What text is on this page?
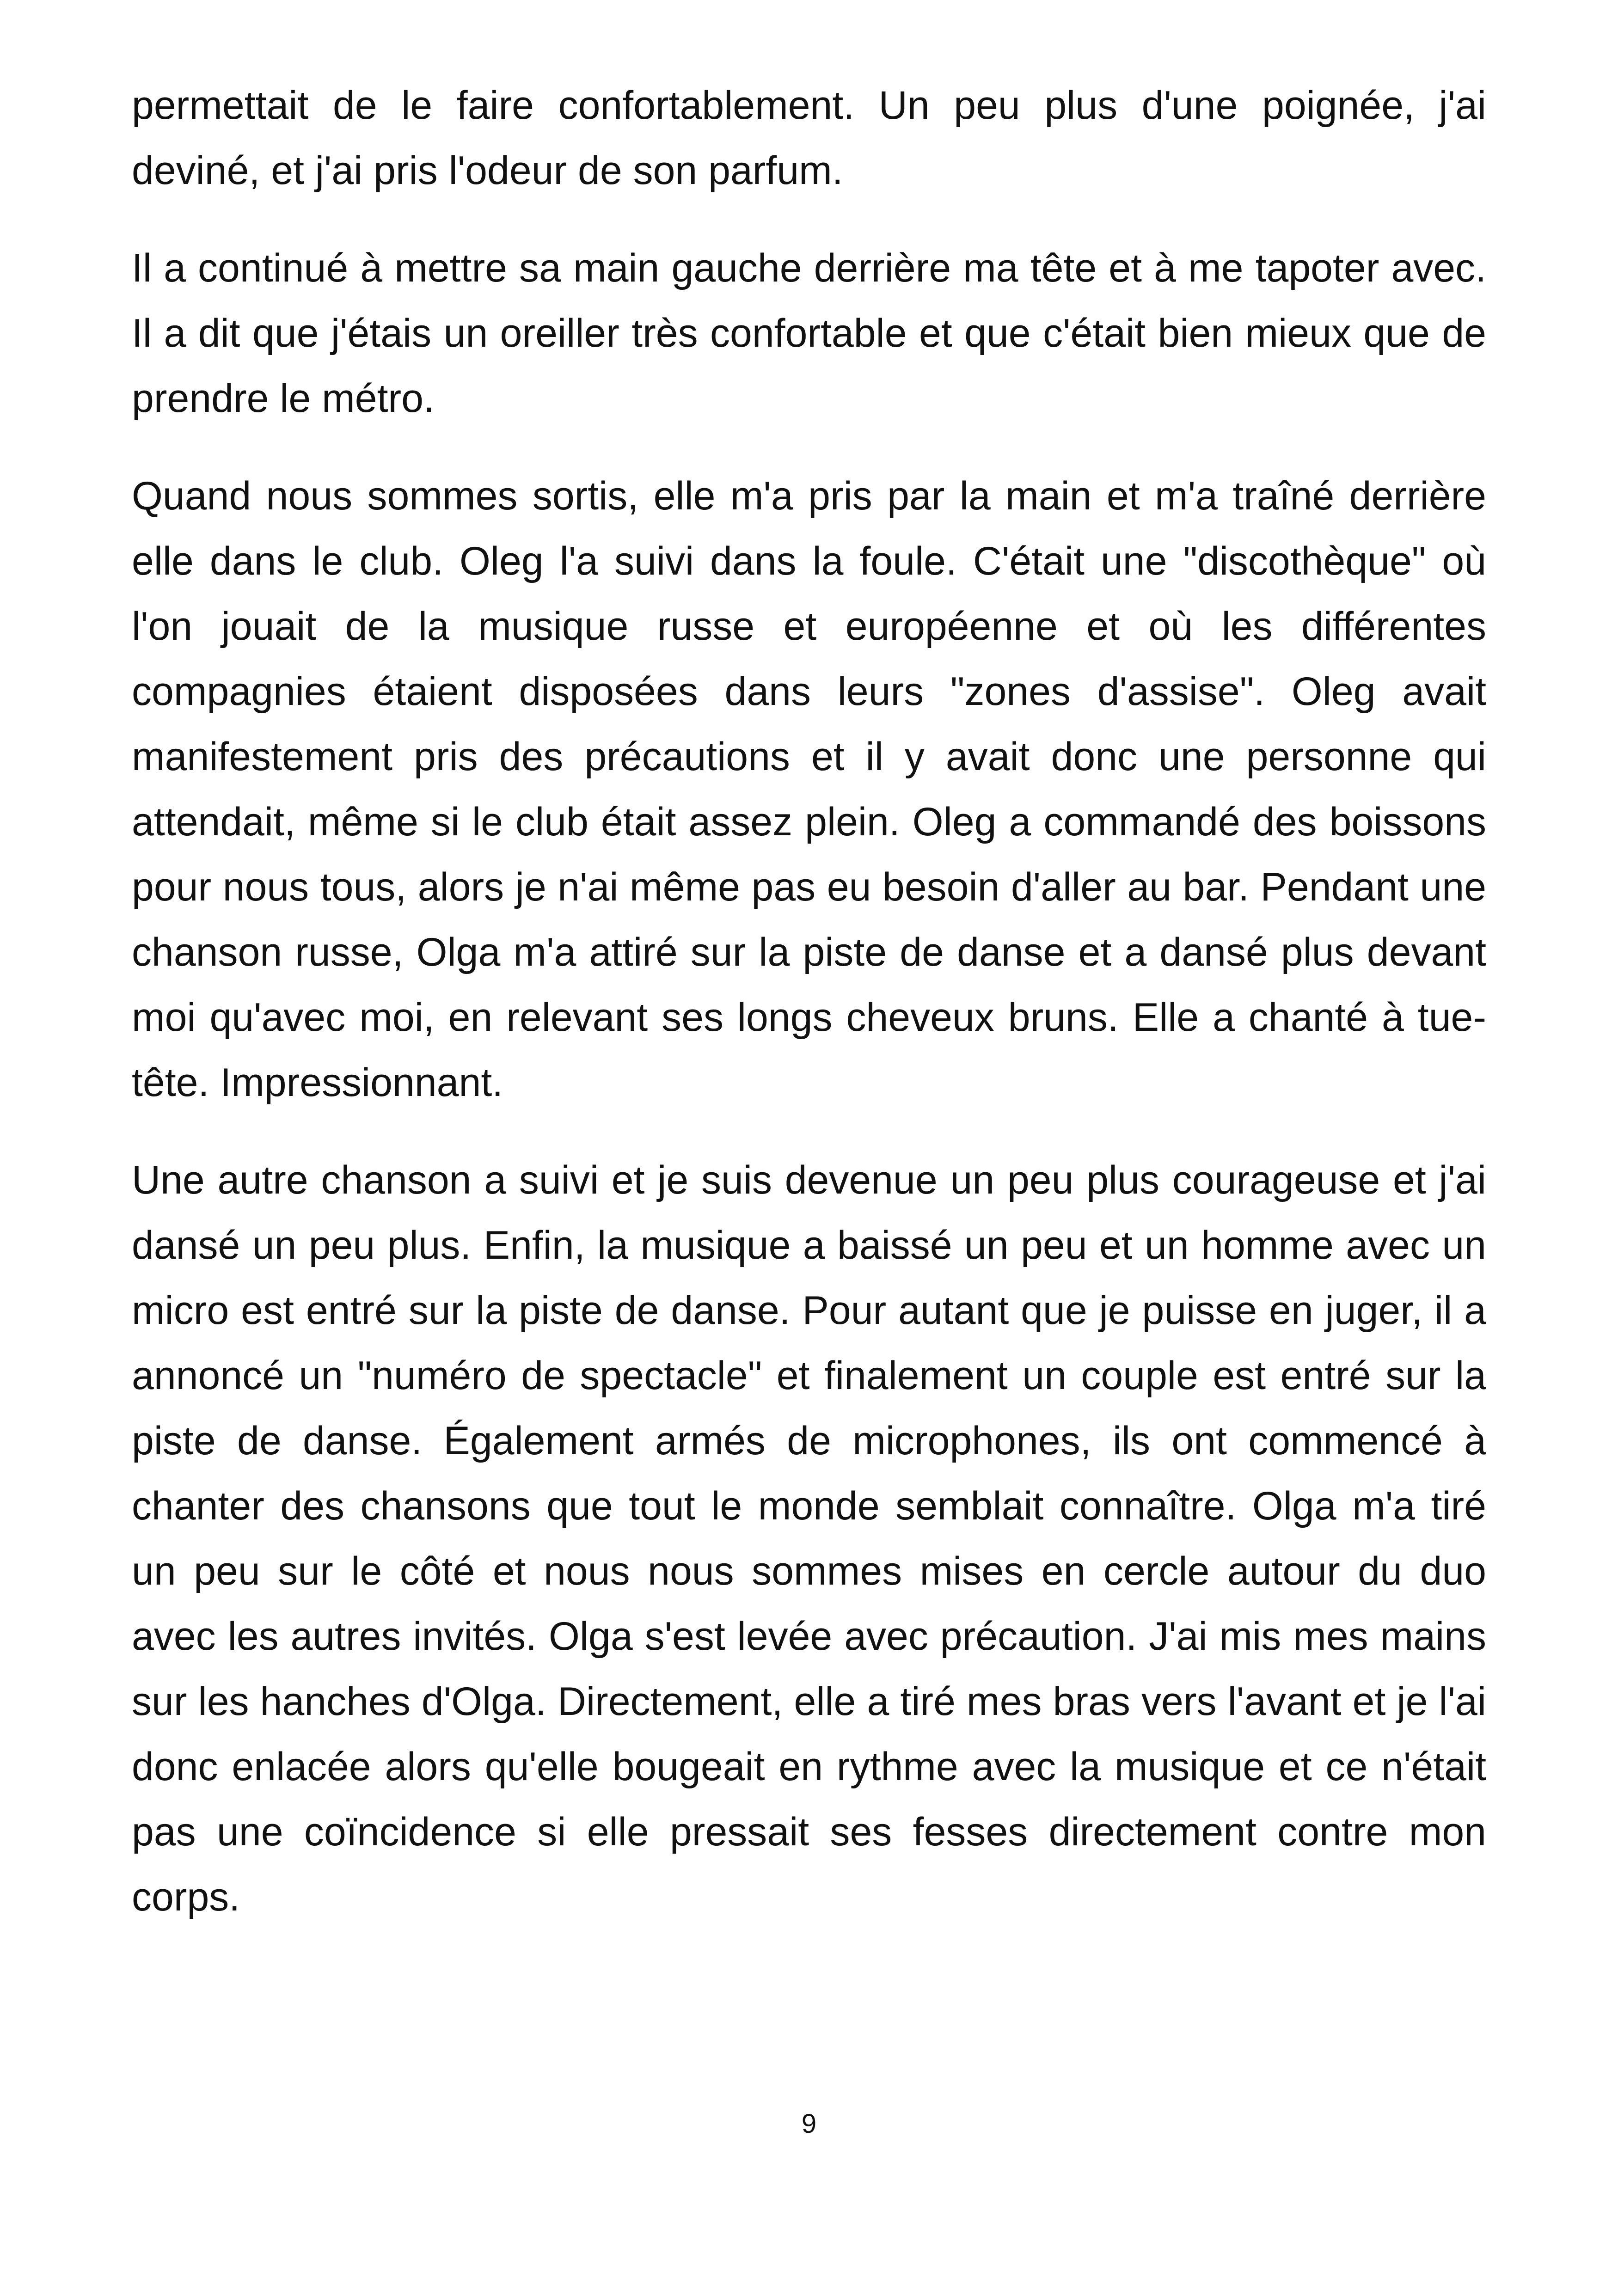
permettait de le faire confortablement. Un peu plus d'une poignée, j'ai deviné, et j'ai pris l'odeur de son parfum.

Il a continué à mettre sa main gauche derrière ma tête et à me tapoter avec. Il a dit que j'étais un oreiller très confortable et que c'était bien mieux que de prendre le métro.

Quand nous sommes sortis, elle m'a pris par la main et m'a traîné derrière elle dans le club. Oleg l'a suivi dans la foule. C'était une "discothèque" où l'on jouait de la musique russe et européenne et où les différentes compagnies étaient disposées dans leurs "zones d'assise". Oleg avait manifestement pris des précautions et il y avait donc une personne qui attendait, même si le club était assez plein. Oleg a commandé des boissons pour nous tous, alors je n'ai même pas eu besoin d'aller au bar. Pendant une chanson russe, Olga m'a attiré sur la piste de danse et a dansé plus devant moi qu'avec moi, en relevant ses longs cheveux bruns. Elle a chanté à tue-tête. Impressionnant.

Une autre chanson a suivi et je suis devenue un peu plus courageuse et j'ai dansé un peu plus. Enfin, la musique a baissé un peu et un homme avec un micro est entré sur la piste de danse. Pour autant que je puisse en juger, il a annoncé un "numéro de spectacle" et finalement un couple est entré sur la piste de danse. Également armés de microphones, ils ont commencé à chanter des chansons que tout le monde semblait connaître. Olga m'a tiré un peu sur le côté et nous nous sommes mises en cercle autour du duo avec les autres invités. Olga s'est levée avec précaution. J'ai mis mes mains sur les hanches d'Olga. Directement, elle a tiré mes bras vers l'avant et je l'ai donc enlacée alors qu'elle bougeait en rythme avec la musique et ce n'était pas une coïncidence si elle pressait ses fesses directement contre mon corps.

9
